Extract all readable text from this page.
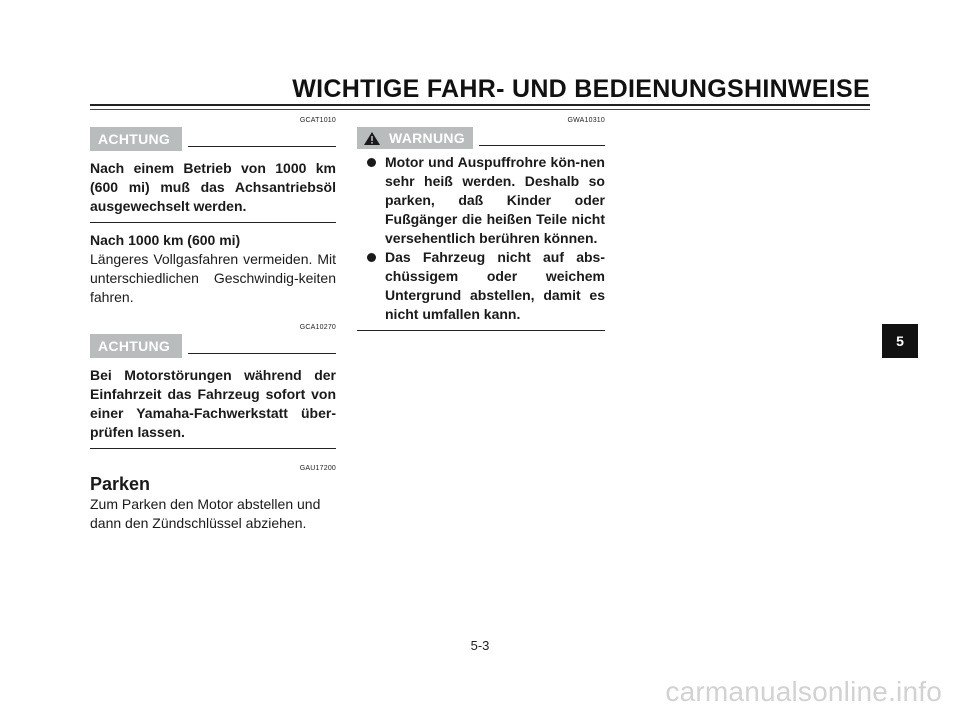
WICHTIGE FAHR- UND BEDIENUNGSHINWEISE
GCAT1010
ACHTUNG
Nach einem Betrieb von 1000 km (600 mi) muß das Achsantriebsöl ausgewechselt werden.
Nach 1000 km (600 mi)
Längeres Vollgasfahren vermeiden. Mit unterschiedlichen Geschwindig-keiten fahren.
GCA10270
ACHTUNG
Bei Motorstörungen während der Einfahrzeit das Fahrzeug sofort von einer Yamaha-Fachwerkstatt über-prüfen lassen.
GAU17200
Parken
Zum Parken den Motor abstellen und dann den Zündschlüssel abziehen.
GWA10310
WARNUNG
Motor und Auspuffrohre kön-nen sehr heiß werden. Deshalb so parken, daß Kinder oder Fußgänger die heißen Teile nicht versehentlich berühren können.
Das Fahrzeug nicht auf abs-chüssigem oder weichem Untergrund abstellen, damit es nicht umfallen kann.
5
5-3
carmanualsonline.info
